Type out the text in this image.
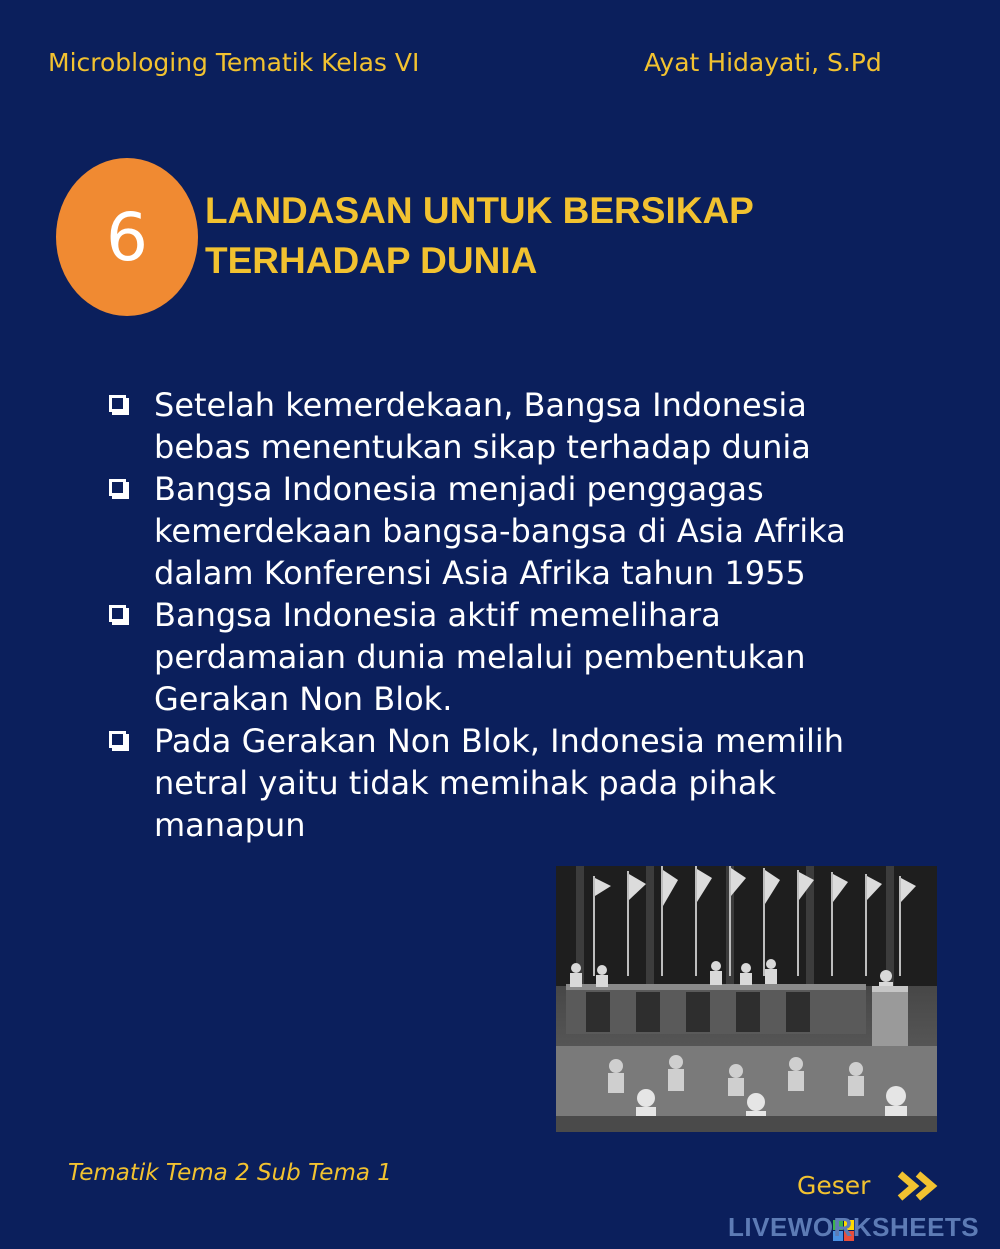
Microbloging Tematik Kelas VI	Ayat Hidayati, S.Pd
6 LANDASAN UNTUK BERSIKAP
TERHADAP DUNIA
Setelah kemerdekaan, Bangsa Indonesia bebas menentukan sikap terhadap dunia
Bangsa Indonesia menjadi penggagas kemerdekaan bangsa-bangsa di Asia Afrika dalam Konferensi Asia Afrika tahun 1955
Bangsa Indonesia aktif memelihara perdamaian dunia melalui pembentukan Gerakan Non Blok.
Pada Gerakan Non Blok, Indonesia memilih netral yaitu tidak memihak pada pihak manapun
Tematik Tema 2 Sub Tema 1	Geser
LIVEWORKSHEETS
